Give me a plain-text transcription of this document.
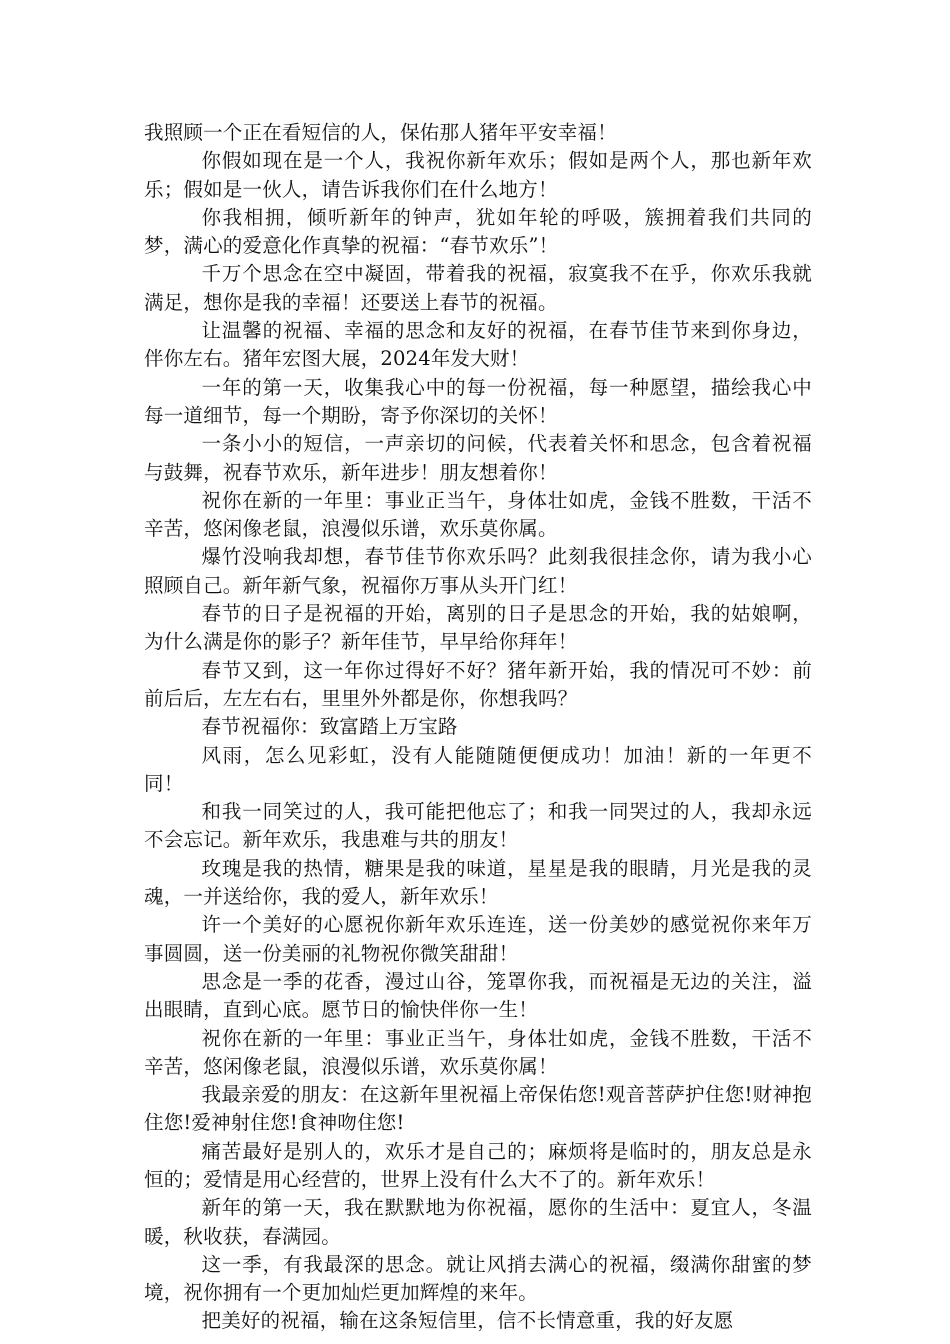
我照顾一个正在看短信的人，保佑那人猪年平安幸福！

你假如现在是一个人，我祝你新年欢乐；假如是两个人，那也新年欢乐；假如是一伙人，请告诉我你们在什么地方！

你我相拥，倾听新年的钟声，犹如年轮的呼吸，簇拥着我们共同的梦，满心的爱意化作真挚的祝福：“春节欢乐”！

千万个思念在空中凝固，带着我的祝福，寂寞我不在乎，你欢乐我就满足，想你是我的幸福！还要送上春节的祝福。

让温馨的祝福、幸福的思念和友好的祝福，在春节佳节来到你身边，伴你左右。猪年宏图大展，2024年发大财！

一年的第一天，收集我心中的每一份祝福，每一种愿望，描绘我心中每一道细节，每一个期盼，寄予你深切的关怀！

一条小小的短信，一声亲切的问候，代表着关怀和思念，包含着祝福与鼓舞，祝春节欢乐，新年进步！朋友想着你！

祝你在新的一年里：事业正当午，身体壮如虎，金钱不胜数，干活不辛苦，悠闲像老鼠，浪漫似乐谱，欢乐莫你属。

爆竹没响我却想，春节佳节你欢乐吗？此刻我很挂念你，请为我小心照顾自己。新年新气象，祝福你万事从头开门红！

春节的日子是祝福的开始，离别的日子是思念的开始，我的姑娘啊，为什么满是你的影子？新年佳节，早早给你拜年！

春节又到，这一年你过得好不好？猪年新开始，我的情况可不妙：前前后后，左左右右，里里外外都是你，你想我吗？

春节祝福你：致富踏上万宝路

风雨，怎么见彩虹，没有人能随随便便成功！加油！新的一年更不同！

和我一同笑过的人，我可能把他忘了；和我一同哭过的人，我却永远不会忘记。新年欢乐，我患难与共的朋友！

玫瑰是我的热情，糖果是我的味道，星星是我的眼睛，月光是我的灵魂，一并送给你，我的爱人，新年欢乐！

许一个美好的心愿祝你新年欢乐连连，送一份美妙的感觉祝你来年万事圆圆，送一份美丽的礼物祝你微笑甜甜！

思念是一季的花香，漫过山谷，笼罩你我，而祝福是无边的关注，溢出眼睛，直到心底。愿节日的愉快伴你一生！

祝你在新的一年里：事业正当午，身体壮如虎，金钱不胜数，干活不辛苦，悠闲像老鼠，浪漫似乐谱，欢乐莫你属！

我最亲爱的朋友：在这新年里祝福上帝保佑您!观音菩萨护住您!财神抱住您!爱神射住您!食神吻住您!

痛苦最好是别人的，欢乐才是自己的；麻烦将是临时的，朋友总是永恒的；爱情是用心经营的，世界上没有什么大不了的。新年欢乐！

新年的第一天，我在默默地为你祝福，愿你的生活中：夏宜人，冬温暖，秋收获，春满园。

这一季，有我最深的思念。就让风捎去满心的祝福，缀满你甜蜜的梦境，祝你拥有一个更加灿烂更加辉煌的来年。

把美好的祝福，输在这条短信里，信不长情意重，我的好友愿
